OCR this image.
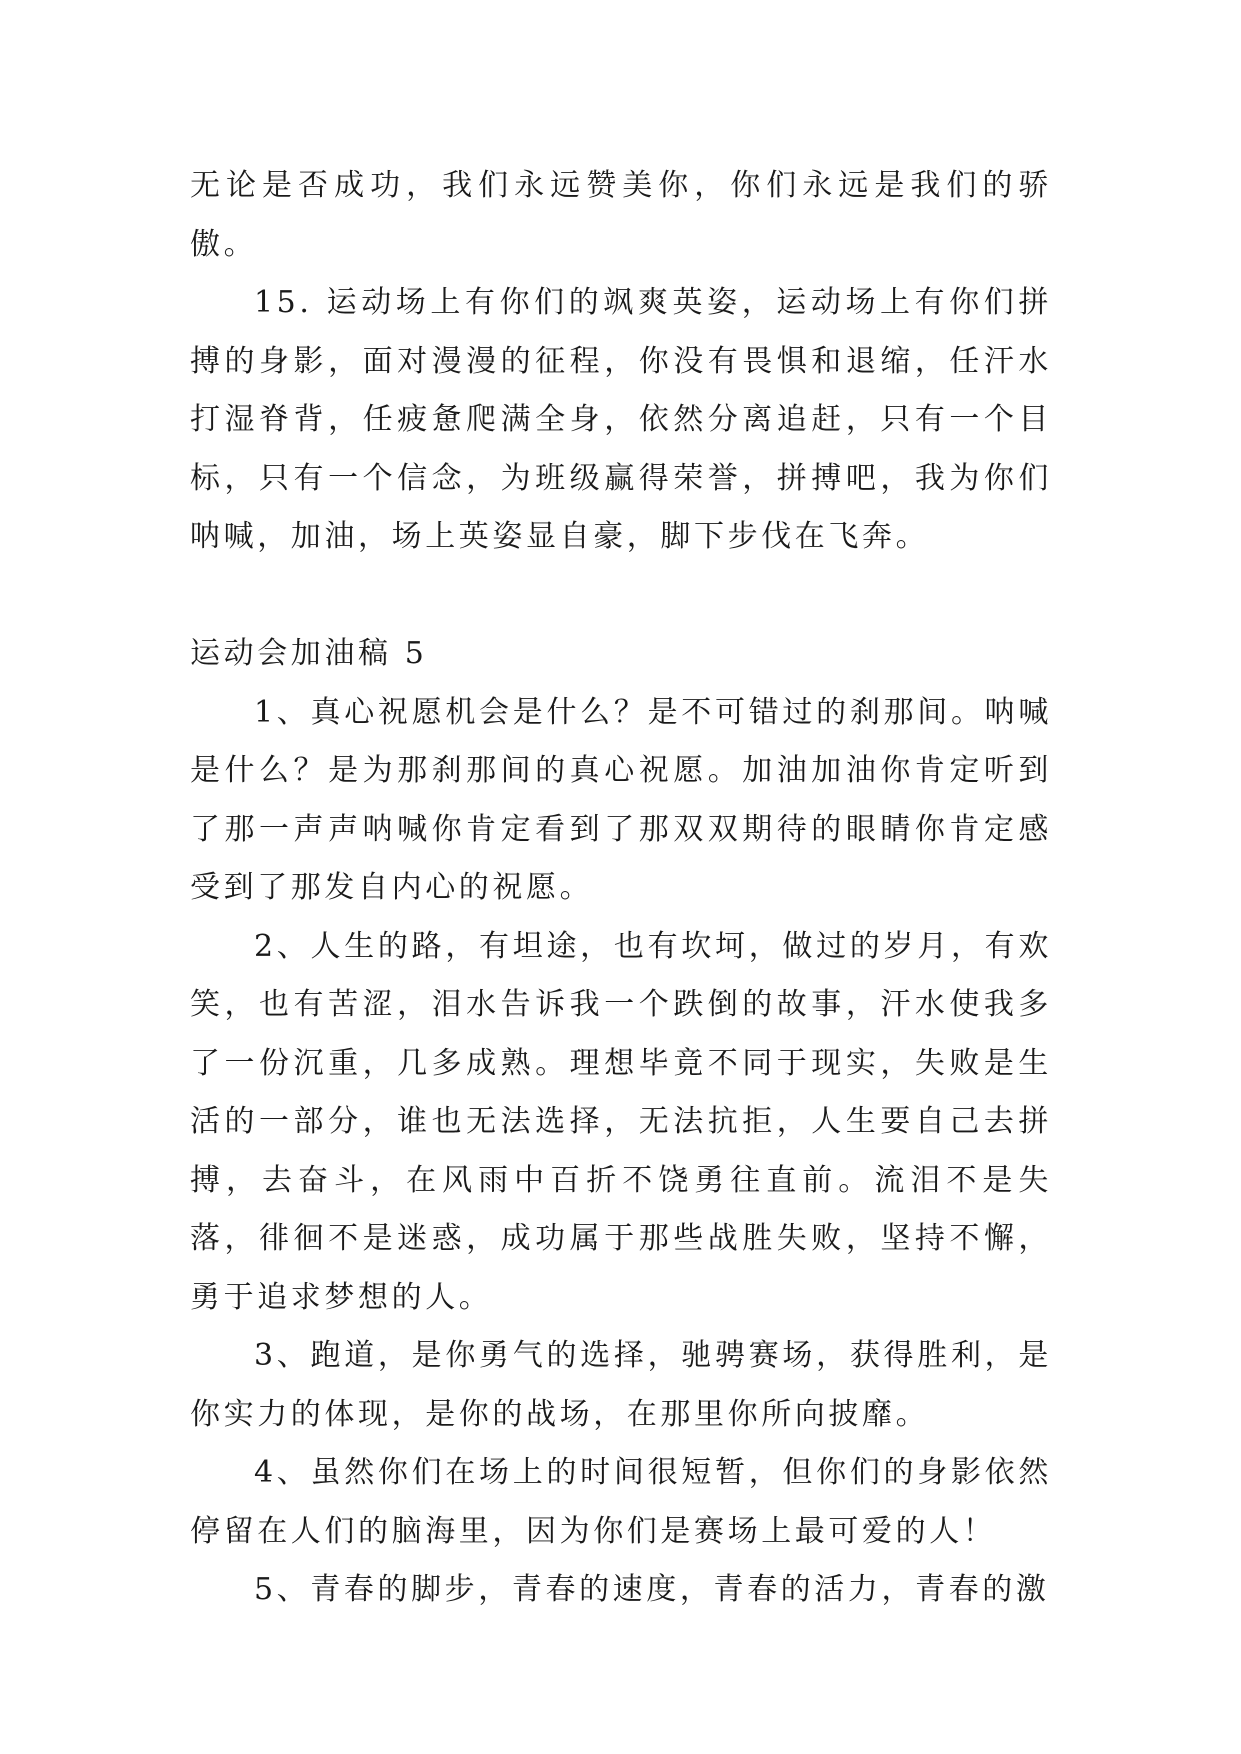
无论是否成功，我们永远赞美你，你们永远是我们的骄傲。

15. 运动场上有你们的飒爽英姿，运动场上有你们拼搏的身影，面对漫漫的征程，你没有畏惧和退缩，任汗水打湿脊背，任疲惫爬满全身，依然分离追赶，只有一个目标，只有一个信念，为班级赢得荣誉，拼搏吧，我为你们呐喊，加油，场上英姿显自豪，脚下步伐在飞奔。

运动会加油稿 5

1、真心祝愿机会是什么？是不可错过的刹那间。呐喊是什么？是为那刹那间的真心祝愿。加油加油你肯定听到了那一声声呐喊你肯定看到了那双双期待的眼睛你肯定感受到了那发自内心的祝愿。

2、人生的路，有坦途，也有坎坷，做过的岁月，有欢笑，也有苦涩，泪水告诉我一个跌倒的故事，汗水使我多了一份沉重，几多成熟。理想毕竟不同于现实，失败是生活的一部分，谁也无法选择，无法抗拒，人生要自己去拼搏，去奋斗，在风雨中百折不饶勇往直前。流泪不是失落，徘徊不是迷惑，成功属于那些战胜失败，坚持不懈，勇于追求梦想的人。

3、跑道，是你勇气的选择，驰骋赛场，获得胜利，是你实力的体现，是你的战场，在那里你所向披靡。

4、虽然你们在场上的时间很短暂，但你们的身影依然停留在人们的脑海里，因为你们是赛场上最可爱的人！

5、青春的脚步，青春的速度，青春的活力，青春的激
